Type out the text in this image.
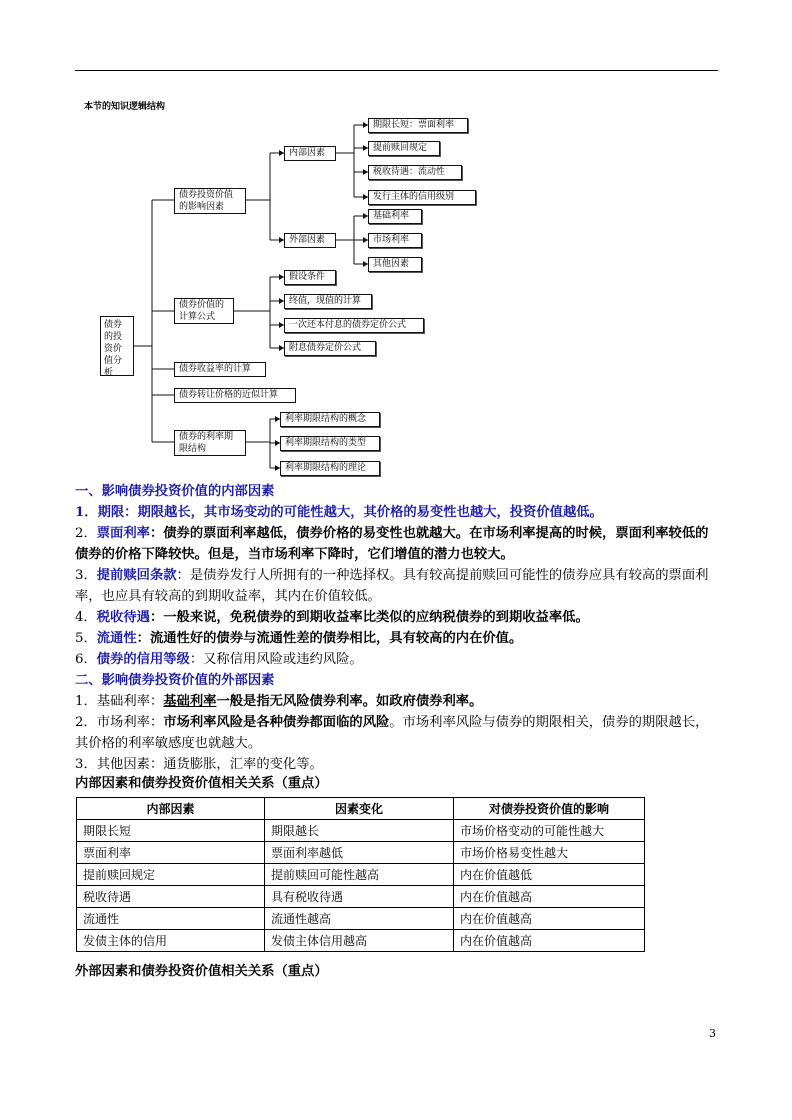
本节的知识逻辑结构
债券的投资价值分析
债券投资价值的影响因素
内部因素
期限长短：票面利率
提前赎回规定
税收待遇：流动性
发行主体的信用级别
外部因素
基础利率
市场利率
其他因素
债券价值的计算公式
假设条件
终值，现值的计算
一次还本付息的债券定价公式
附息债券定价公式
债券收益率的计算
债券转让价格的近似计算
债券的利率期限结构
利率期限结构的概念
利率期限结构的类型
利率期限结构的理论
一、影响债券投资价值的内部因素
1．期限：期限越长，其市场变动的可能性越大，其价格的易变性也越大，投资价值越低。
2．票面利率：债券的票面利率越低，债券价格的易变性也就越大。在市场利率提高的时候，票面利率较低的债券的价格下降较快。但是，当市场利率下降时，它们增值的潜力也较大。
3．提前赎回条款：是债券发行人所拥有的一种选择权。具有较高提前赎回可能性的债券应具有较高的票面利率，也应具有较高的到期收益率，其内在价值较低。
4．税收待遇：一般来说，免税债券的到期收益率比类似的应纳税债券的到期收益率低。
5．流通性：流通性好的债券与流通性差的债券相比，具有较高的内在价值。
6．债券的信用等级：又称信用风险或违约风险。
二、影响债券投资价值的外部因素
1．基础利率：基础利率一般是指无风险债券利率。如政府债券利率。
2．市场利率：市场利率风险是各种债券都面临的风险。市场利率风险与债券的期限相关，债券的期限越长，其价格的利率敏感度也就越大。
3．其他因素：通货膨胀，汇率的变化等。
内部因素和债券投资价值相关关系（重点）
内部因素	因素变化	对债券投资价值的影响
期限长短	期限越长	市场价格变动的可能性越大
票面利率	票面利率越低	市场价格易变性越大
提前赎回规定	提前赎回可能性越高	内在价值越低
税收待遇	具有税收待遇	内在价值越高
流通性	流通性越高	内在价值越高
发债主体的信用	发债主体信用越高	内在价值越高
外部因素和债券投资价值相关关系（重点）
3
